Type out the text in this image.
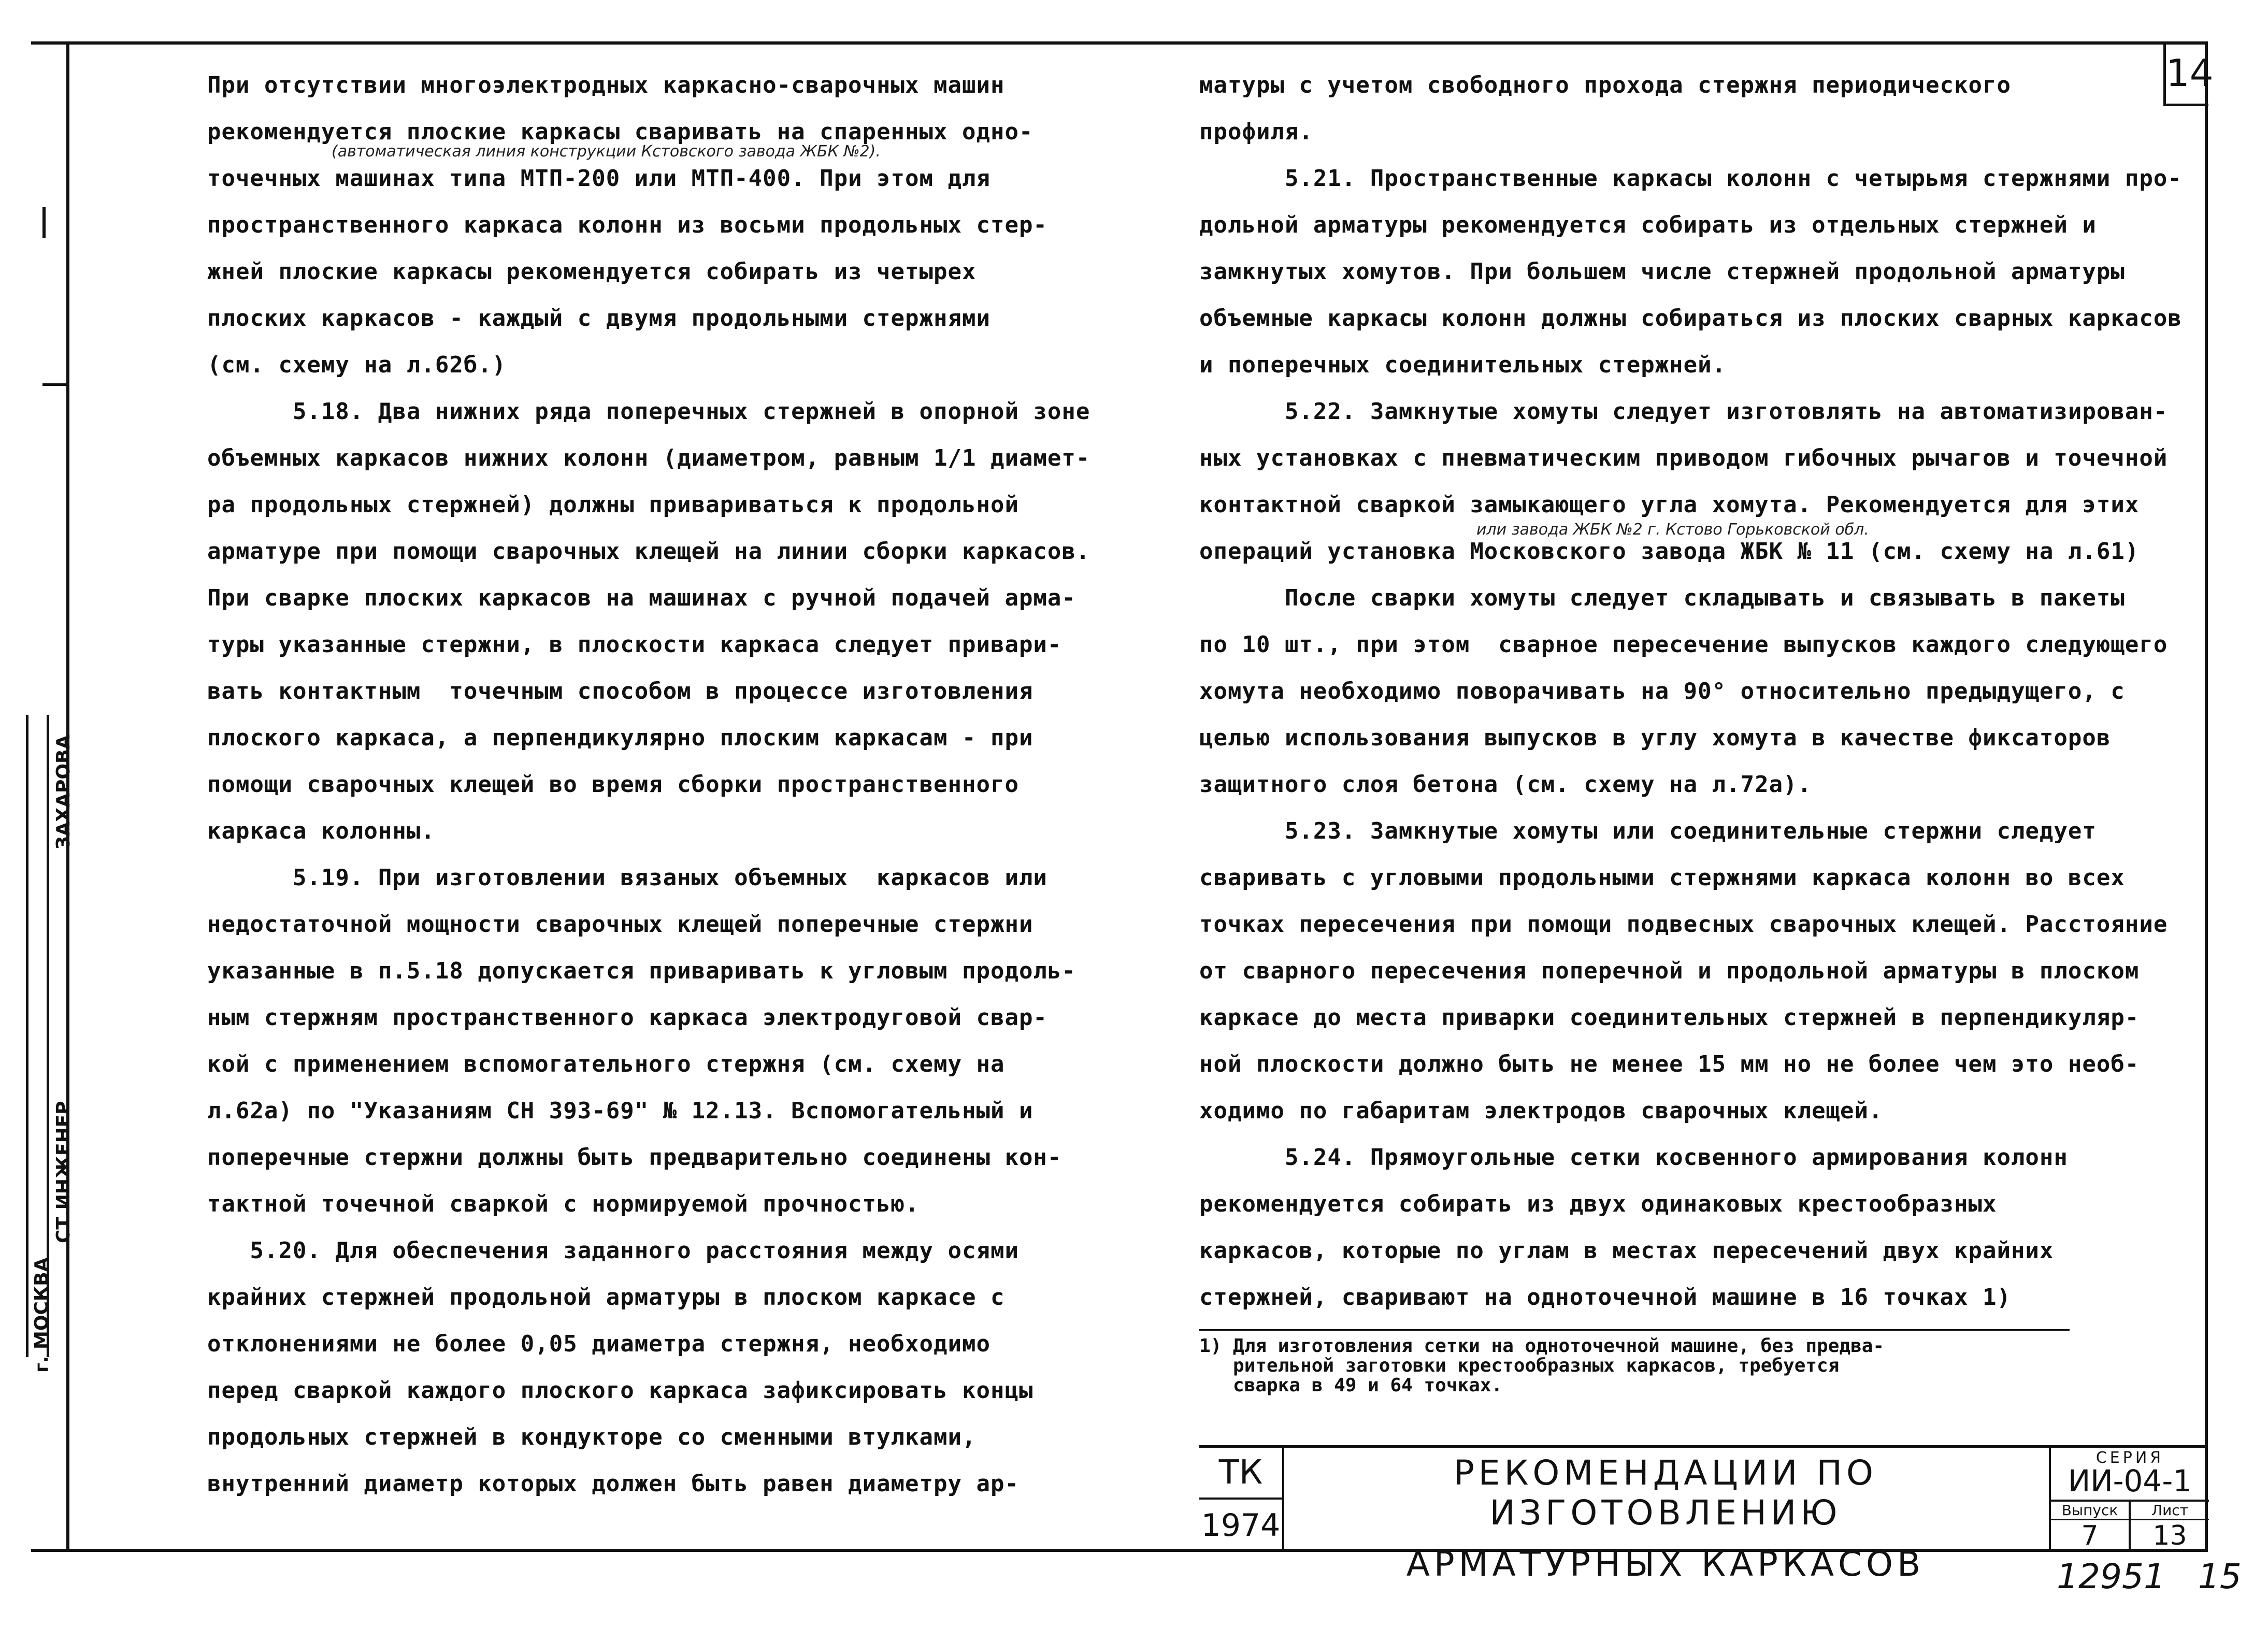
14
г. МОСКВА
СТ.ИНЖЕНЕР
ЗАХАРОВА

При отсутствии многоэлектродных каркасно-сварочных машин

рекомендуется плоские каркасы сваривать на спаренных одно-

точечных машинах типа МТП-200 или МТП-400. При этом для

пространственного каркаса колонн из восьми продольных стер-

жней плоские каркасы рекомендуется собирать из четырех

плоских каркасов - каждый с двумя продольными стержнями

(см. схему на л.62б.)

5.18. Два нижних ряда поперечных стержней в опорной зоне

объемных каркасов нижних колонн (диаметром, равным 1/1 диамет-

ра продольных стержней) должны привариваться к продольной

арматуре при помощи сварочных клещей на линии сборки каркасов.

При сварке плоских каркасов на машинах с ручной подачей арма-

туры указанные стержни, в плоскости каркаса следует привари-

вать контактным  точечным способом в процессе изготовления

плоского каркаса, а перпендикулярно плоским каркасам - при

помощи сварочных клещей во время сборки пространственного

каркаса колонны.

5.19. При изготовлении вязаных объемных  каркасов или

недостаточной мощности сварочных клещей поперечные стержни

указанные в п.5.18 допускается приваривать к угловым продоль-

ным стержням пространственного каркаса электродуговой свар-

кой с применением вспомогательного стержня (см. схему на

л.62а) по "Указаниям СН 393-69" № 12.13. Вспомогательный и

поперечные стержни должны быть предварительно соединены кон-

тактной точечной сваркой с нормируемой прочностью.

5.20. Для обеспечения заданного расстояния между осями

крайних стержней продольной арматуры в плоском каркасе с

отклонениями не более 0,05 диаметра стержня, необходимо

перед сваркой каждого плоского каркаса зафиксировать концы

продольных стержней в кондукторе со сменными втулками,

внутренний диаметр которых должен быть равен диаметру ар-

(автоматическая линия конструкции Кстовского завода ЖБК №2).

матуры с учетом свободного прохода стержня периодического

профиля.

5.21. Пространственные каркасы колонн с четырьмя стержнями про-

дольной арматуры рекомендуется собирать из отдельных стержней и

замкнутых хомутов. При большем числе стержней продольной арматуры

объемные каркасы колонн должны собираться из плоских сварных каркасов

и поперечных соединительных стержней.

5.22. Замкнутые хомуты следует изготовлять на автоматизирован-

ных установках с пневматическим приводом гибочных рычагов и точечной

контактной сваркой замыкающего угла хомута. Рекомендуется для этих

операций установка Московского завода ЖБК № 11 (см. схему на л.61)

После сварки хомуты следует складывать и связывать в пакеты

по 10 шт., при этом  сварное пересечение выпусков каждого следующего

хомута необходимо поворачивать на 90° относительно предыдущего, с

целью использования выпусков в углу хомута в качестве фиксаторов

защитного слоя бетона (см. схему на л.72а).

5.23. Замкнутые хомуты или соединительные стержни следует

сваривать с угловыми продольными стержнями каркаса колонн во всех

точках пересечения при помощи подвесных сварочных клещей. Расстояние

от сварного пересечения поперечной и продольной арматуры в плоском

каркасе до места приварки соединительных стержней в перпендикуляр-

ной плоскости должно быть не менее 15 мм но не более чем это необ-

ходимо по габаритам электродов сварочных клещей.

5.24. Прямоугольные сетки косвенного армирования колонн

рекомендуется собирать из двух одинаковых крестообразных

каркасов, которые по углам в местах пересечений двух крайних

стержней, сваривают на одноточечной машине в 16 точках 1)

или завода ЖБК №2 г. Кстово Горьковской обл.
1) Для изготовления сетки на одноточечной машине, без предва-
рительной заготовки крестообразных каркасов, требуется
сварка в 49 и 64 точках.
ТК
1974
РЕКОМЕНДАЦИИ ПО ИЗГОТОВЛЕНИЮ
АРМАТУРНЫХ КАРКАСОВ
СЕРИЯ
ИИ-04-1
Выпуск
7
Лист
13
12951   15
